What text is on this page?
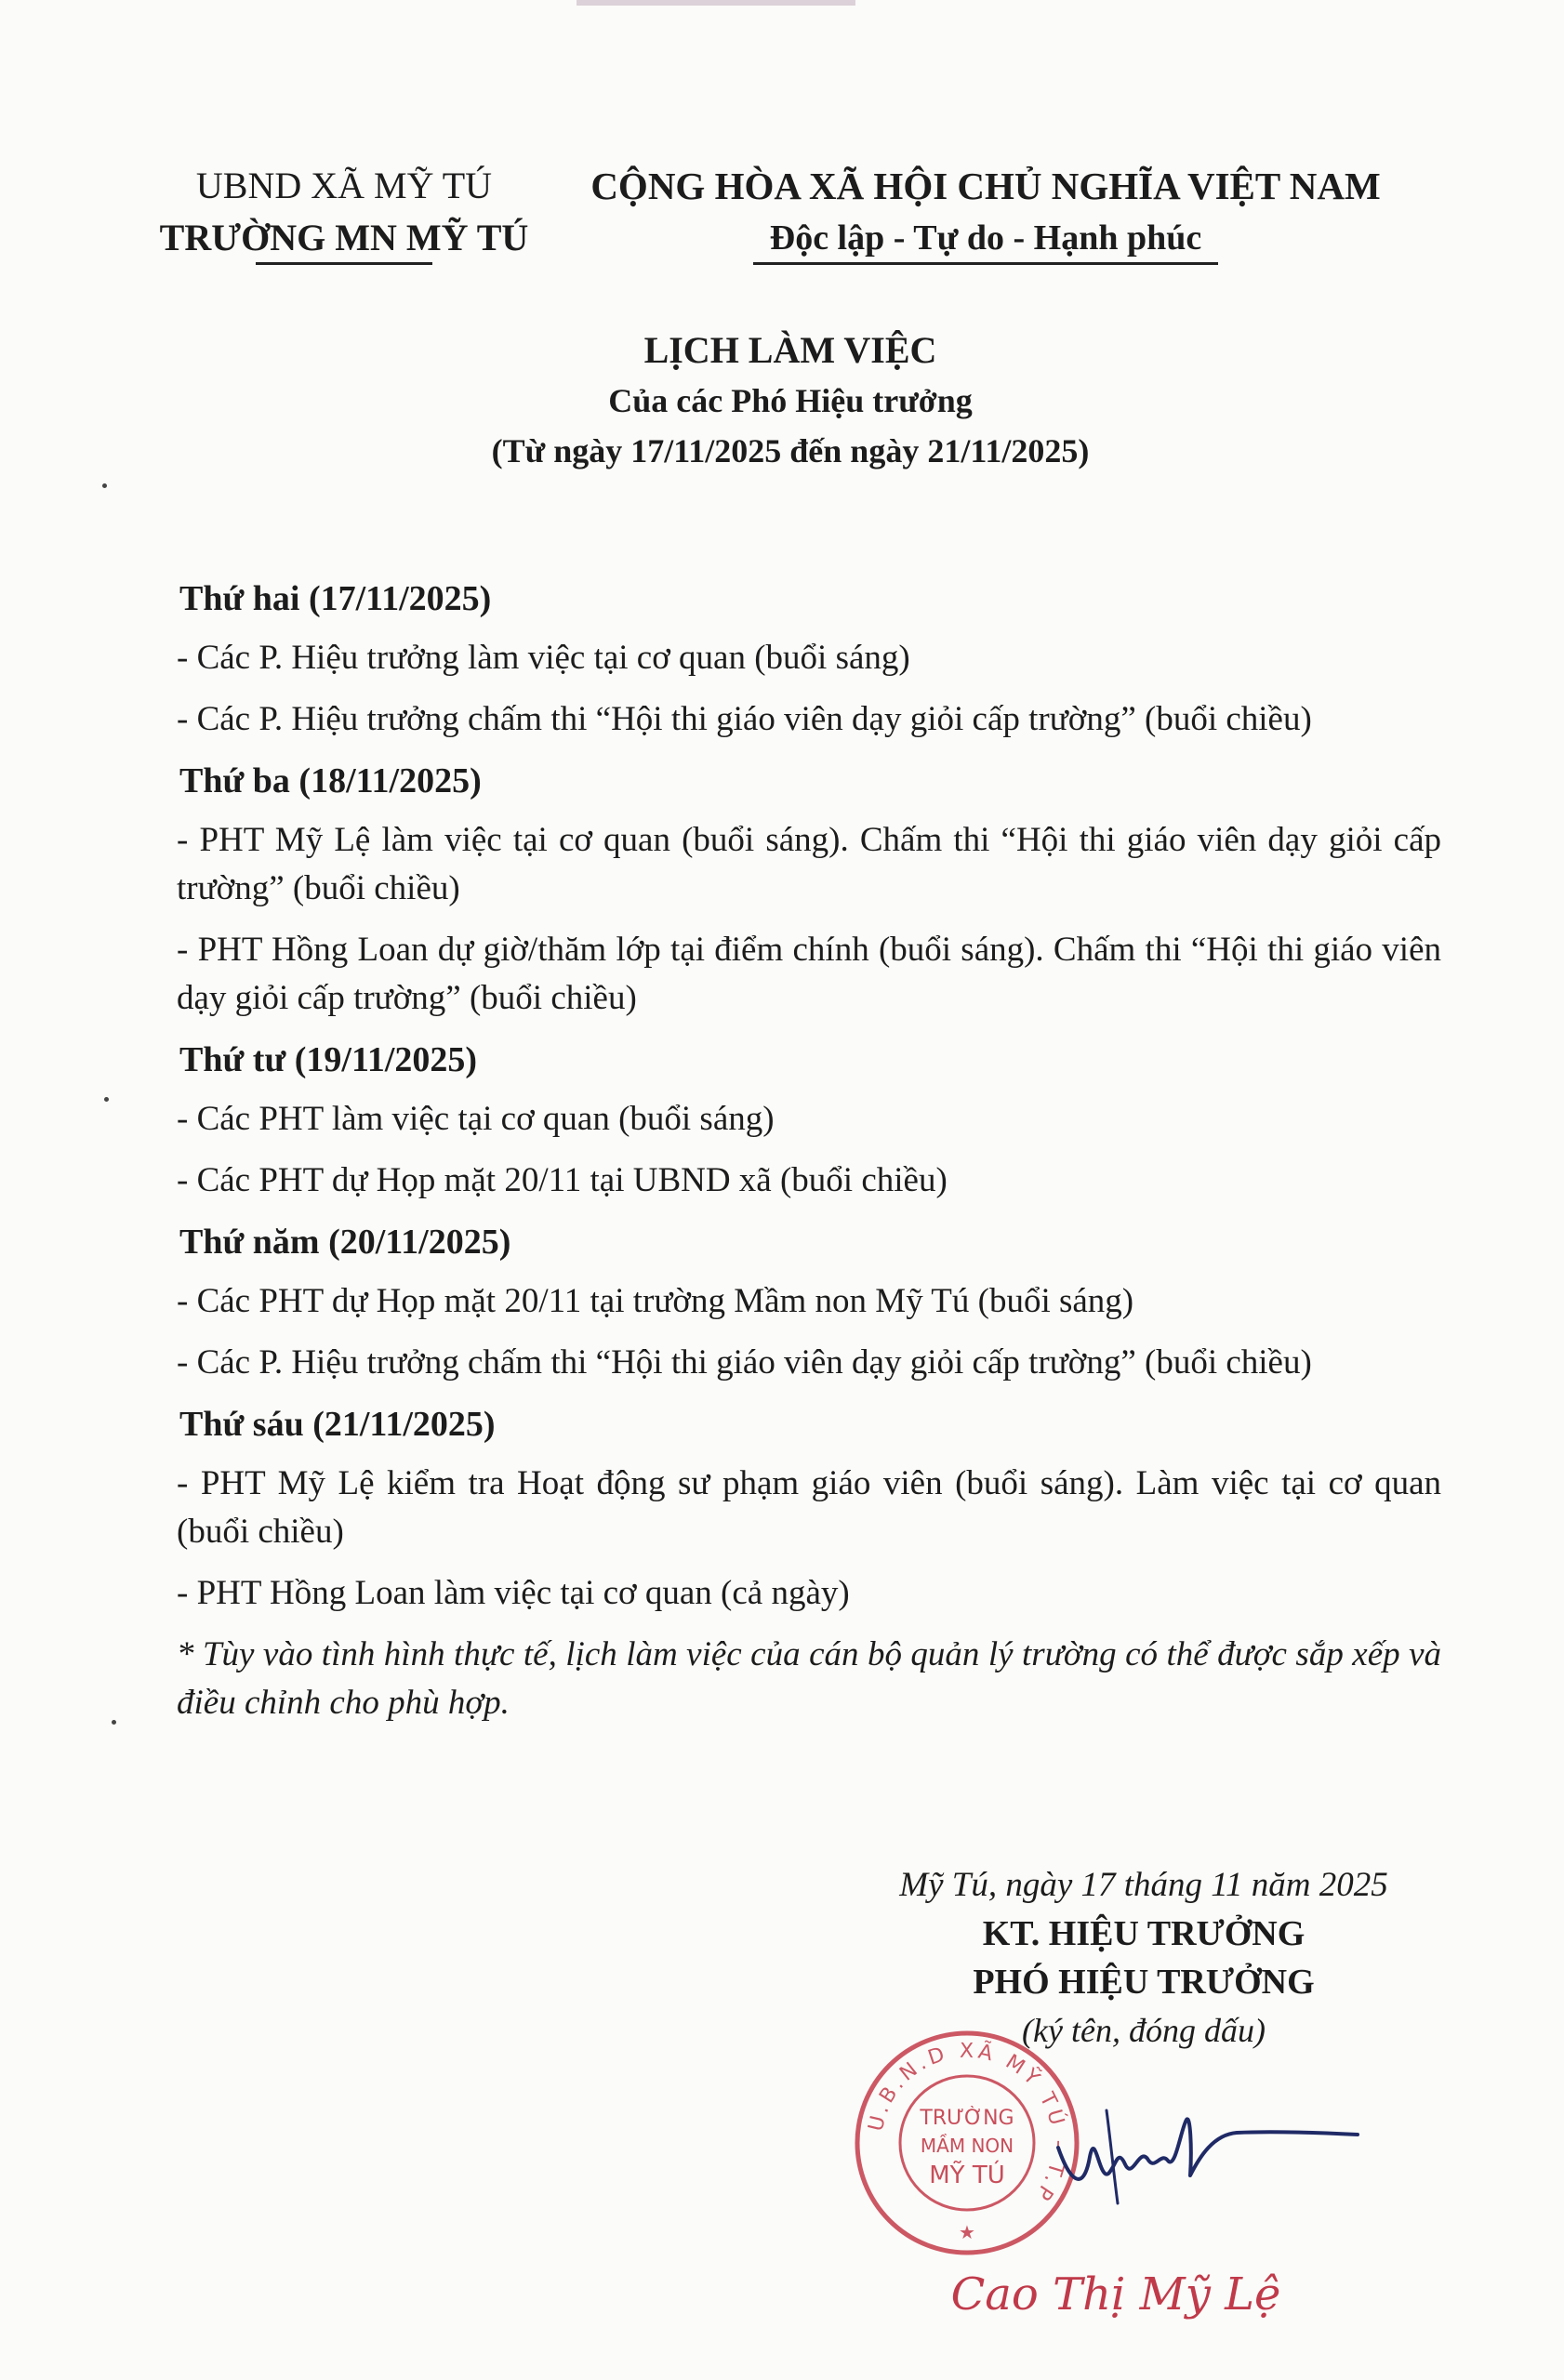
UBND XÃ MỸ TÚ
TRƯỜNG MN MỸ TÚ
CỘNG HÒA XÃ HỘI CHỦ NGHĨA VIỆT NAM
Độc lập - Tự do - Hạnh phúc
LỊCH LÀM VIỆC
Của các Phó Hiệu trưởng
(Từ ngày 17/11/2025 đến ngày 21/11/2025)
Thứ hai (17/11/2025)
- Các P. Hiệu trưởng làm việc tại cơ quan (buổi sáng)
- Các P. Hiệu trưởng chấm thi “Hội thi giáo viên dạy giỏi cấp trường” (buổi chiều)
Thứ ba (18/11/2025)
- PHT Mỹ Lệ làm việc tại cơ quan (buổi sáng). Chấm thi “Hội thi giáo viên dạy giỏi cấp trường” (buổi chiều)
- PHT Hồng Loan dự giờ/thăm lớp tại điểm chính (buổi sáng). Chấm thi “Hội thi giáo viên dạy giỏi cấp trường” (buổi chiều)
Thứ tư (19/11/2025)
- Các PHT làm việc tại cơ quan (buổi sáng)
- Các PHT dự Họp mặt 20/11 tại UBND xã (buổi chiều)
Thứ năm (20/11/2025)
- Các PHT dự Họp mặt 20/11 tại trường Mầm non Mỹ Tú (buổi sáng)
- Các P. Hiệu trưởng chấm thi “Hội thi giáo viên dạy giỏi cấp trường” (buổi chiều)
Thứ sáu (21/11/2025)
- PHT Mỹ Lệ kiểm tra Hoạt động sư phạm giáo viên (buổi sáng). Làm việc tại cơ quan (buổi chiều)
- PHT Hồng Loan làm việc tại cơ quan (cả ngày)
* Tùy vào tình hình thực tế, lịch làm việc của cán bộ quản lý trường có thể được sắp xếp và điều chỉnh cho phù hợp.
Mỹ Tú, ngày 17 tháng 11 năm 2025
KT. HIỆU TRƯỞNG
PHÓ HIỆU TRƯỞNG
(ký tên, đóng dấu)
U.B.N.D XÃ MỸ TÚ - T.P
TRƯỜNG
MẦM NON
MỸ TÚ
★
Cao Thị Mỹ Lệ
